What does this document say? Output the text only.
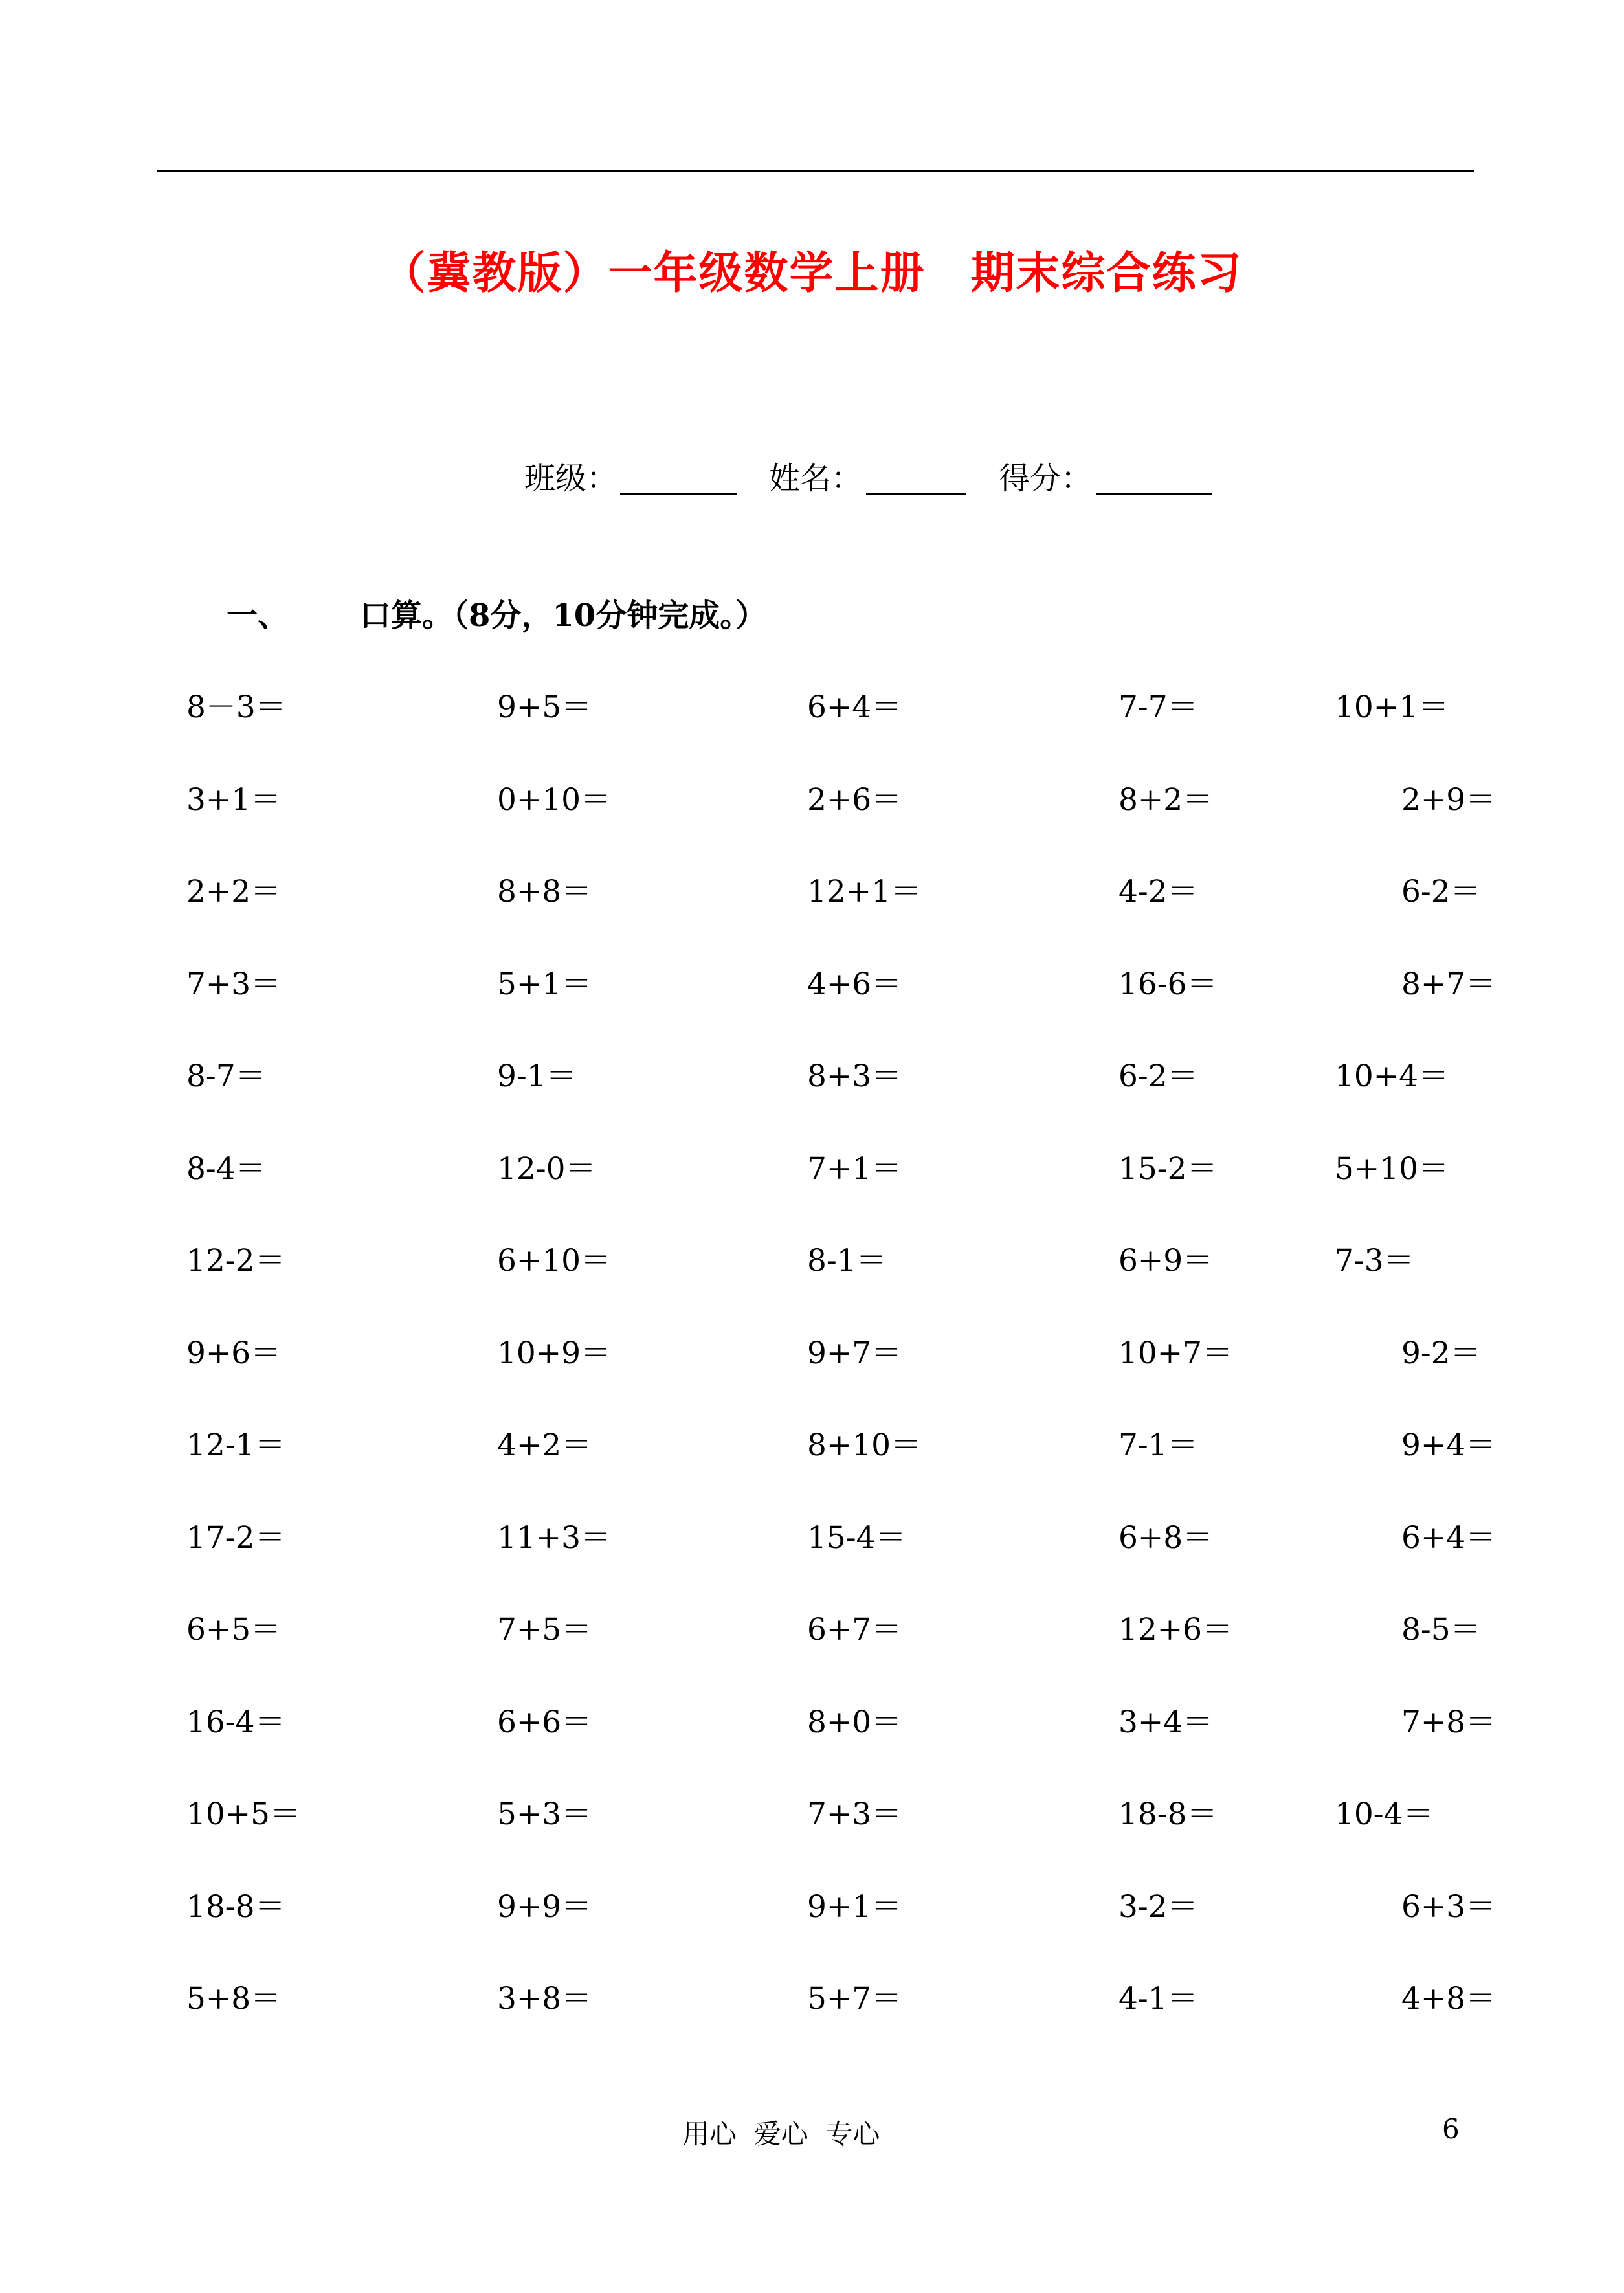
（冀教版）一年级数学上册　期末综合练习
班级：	姓名：	得分：
一、 口算。（8分，10分钟完成。）
8－3＝	9+5＝	6+4＝	7-7＝	10+1＝
3+1＝	0+10＝	2+6＝	8+2＝	2+9＝
2+2＝	8+8＝	12+1＝	4-2＝	6-2＝
7+3＝	5+1＝	4+6＝	16-6＝	8+7＝
8-7＝	9-1＝	8+3＝	6-2＝	10+4＝
8-4＝	12-0＝	7+1＝	15-2＝	5+10＝
12-2＝	6+10＝	8-1＝	6+9＝	7-3＝
9+6＝	10+9＝	9+7＝	10+7＝	9-2＝
12-1＝	4+2＝	8+10＝	7-1＝	9+4＝
17-2＝	11+3＝	15-4＝	6+8＝	6+4＝
6+5＝	7+5＝	6+7＝	12+6＝	8-5＝
16-4＝	6+6＝	8+0＝	3+4＝	7+8＝
10+5＝	5+3＝	7+3＝	18-8＝	10-4＝
18-8＝	9+9＝	9+1＝	3-2＝	6+3＝
5+8＝	3+8＝	5+7＝	4-1＝	4+8＝
用心  爱心  专心	6
